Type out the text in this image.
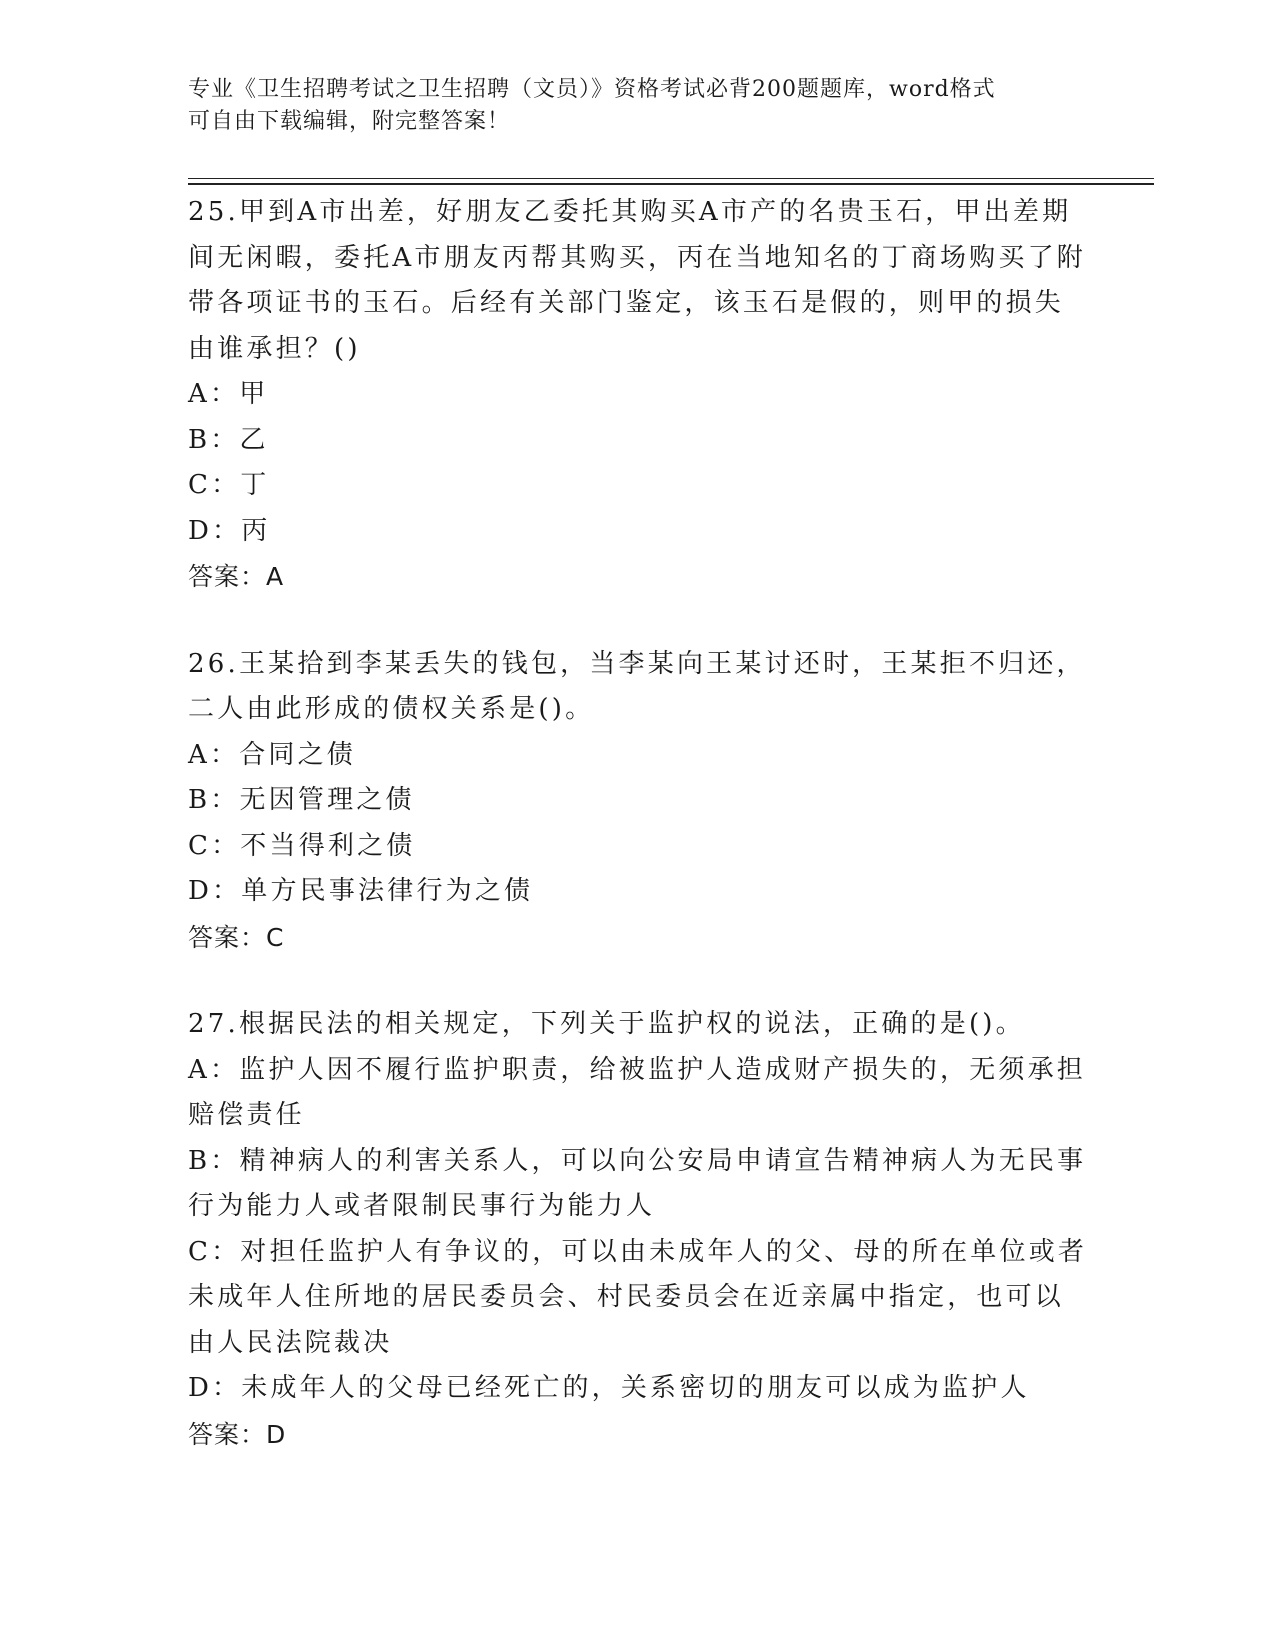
专业《卫生招聘考试之卫生招聘（文员）》资格考试必背200题题库，word格式
可自由下载编辑，附完整答案！

25.甲到A市出差，好朋友乙委托其购买A市产的名贵玉石，甲出差期间无闲暇，委托A市朋友丙帮其购买，丙在当地知名的丁商场购买了附带各项证书的玉石。后经有关部门鉴定，该玉石是假的，则甲的损失由谁承担？()

A： 甲
B： 乙
C： 丁
D： 丙

答案：A

26.王某拾到李某丢失的钱包，当李某向王某讨还时，王某拒不归还，二人由此形成的债权关系是()。

A： 合同之债
B： 无因管理之债
C： 不当得利之债
D： 单方民事法律行为之债

答案：C

27.根据民法的相关规定，下列关于监护权的说法，正确的是()。

A：监护人因不履行监护职责，给被监护人造成财产损失的，无须承担赔偿责任
B：精神病人的利害关系人，可以向公安局申请宣告精神病人为无民事行为能力人或者限制民事行为能力人
C：对担任监护人有争议的，可以由未成年人的父、母的所在单位或者未成年人住所地的居民委员会、村民委员会在近亲属中指定，也可以由人民法院裁决
D：未成年人的父母已经死亡的，关系密切的朋友可以成为监护人

答案：D
